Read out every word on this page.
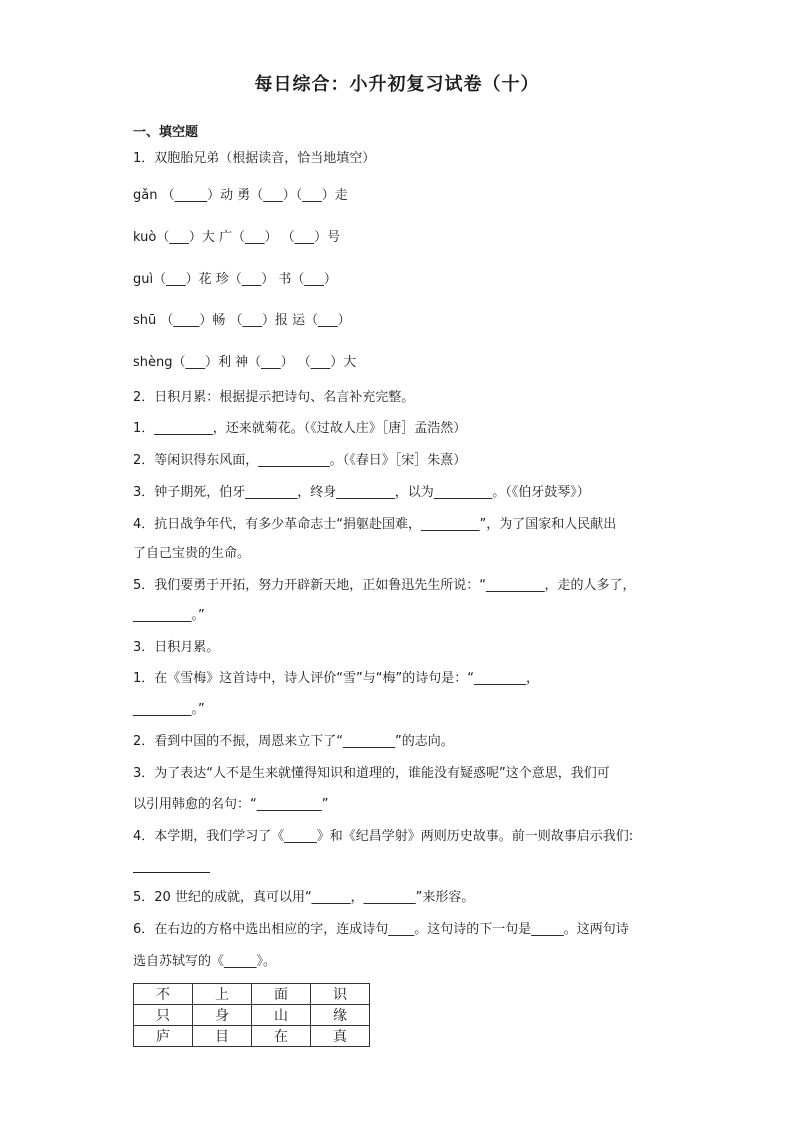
每日综合：小升初复习试卷（十）
一、填空题
1．双胞胎兄弟（根据读音，恰当地填空）
gǎn （_____）动 勇（___）（___）走
kuò（___）大 广（___） （___）号
guì（___）花 珍（___） 书（___）
shū （____）畅 （___）报 运（___）
shèng（___）利 神（___） （___）大
2．日积月累：根据提示把诗句、名言补充完整。
1．_________，还来就菊花。（《过故人庄》［唐］孟浩然）
2．等闲识得东风面，___________。（《春日》［宋］朱熹）
3．钟子期死，伯牙________，终身_________，以为_________。（《伯牙鼓琴》）
4．抗日战争年代，有多少革命志士“捐躯赴国难，_________”，为了国家和人民献出
了自己宝贵的生命。
5．我们要勇于开拓，努力开辟新天地，正如鲁迅先生所说：“_________，走的人多了，
_________。”
3．日积月累。
1．在《雪梅》这首诗中，诗人评价“雪”与“梅”的诗句是：“________，
_________。”
2．看到中国的不振，周恩来立下了“________”的志向。
3．为了表达“人不是生来就懂得知识和道理的，谁能没有疑惑呢”这个意思，我们可
以引用韩愈的名句：“__________”
4．本学期，我们学习了《_____》和《纪昌学射》两则历史故事。前一则故事启示我们:
5．20 世纪的成就，真可以用“______，________”来形容。
6．在右边的方格中选出相应的字，连成诗句____。这句诗的下一句是_____。这两句诗
选自苏轼写的《_____》。
不	上	面	识
只	身	山	缘
庐	目	在	真
